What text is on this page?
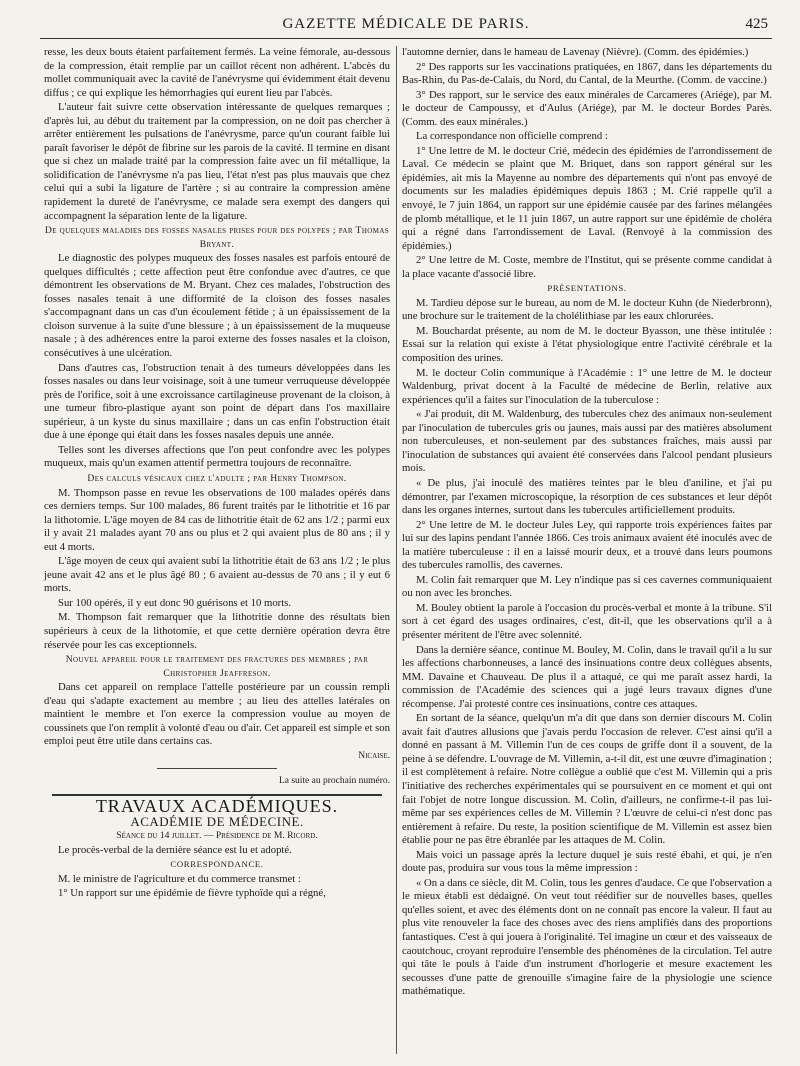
GAZETTE MÉDICALE DE PARIS.	425

resse, les deux bouts étaient parfaitement fermés. La veine fémorale, au-dessous de la compression, était remplie par un caillot récent non adhérent. L'abcès du mollet communiquait avec la cavité de l'anévrysme qui évidemment était devenu diffus ; ce qui explique les hémorrhagies qui eurent lieu par l'abcès.

L'auteur fait suivre cette observation intéressante de quelques remarques ; d'après lui, au début du traitement par la compression, on ne doit pas chercher à arrêter entièrement les pulsations de l'anévrysme, parce qu'un courant faible lui paraît favoriser le dépôt de fibrine sur les parois de la cavité. Il termine en disant que si chez un malade traité par la compression faite avec un fil métallique, la solidification de l'anévrysme n'a pas lieu, l'état n'est pas plus mauvais que chez celui qui a subi la ligature de l'artère ; si au contraire la compression amène rapidement la dureté de l'anévrysme, ce malade sera exempt des dangers qui accompagnent la séparation lente de la ligature.

De quelques maladies des fosses nasales prises pour des polypes ; par Thomas Bryant.

Le diagnostic des polypes muqueux des fosses nasales est parfois entouré de quelques difficultés ; cette affection peut être confondue avec d'autres, ce que démontrent les observations de M. Bryant. Chez ces malades, l'obstruction des fosses nasales tenait à une difformité de la cloison des fosses nasales s'accompagnant dans un cas d'un écoulement fétide ; à un épaississement de la cloison survenue à la suite d'une blessure ; à un épaississement de la muqueuse nasale ; à des adhérences entre la paroi externe des fosses nasales et la cloison, consécutives à une ulcération.

Dans d'autres cas, l'obstruction tenait à des tumeurs développées dans les fosses nasales ou dans leur voisinage, soit à une tumeur verruqueuse développée près de l'orifice, soit à une excroissance cartilagineuse provenant de la cloison, à une tumeur fibro-plastique ayant son point de départ dans l'os maxillaire supérieur, à un kyste du sinus maxillaire ; dans un cas enfin l'obstruction était due à une éponge qui était dans les fosses nasales depuis une année.

Telles sont les diverses affections que l'on peut confondre avec les polypes muqueux, mais qu'un examen attentif permettra toujours de reconnaître.

Des calculs vésicaux chez l'adulte ; par Henry Thompson.

M. Thompson passe en revue les observations de 100 malades opérés dans ces derniers temps. Sur 100 malades, 86 furent traités par le lithotritie et 16 par la lithotomie. L'âge moyen de 84 cas de lithotritie était de 62 ans 1/2 ; parmi eux il y avait 21 malades ayant 70 ans ou plus et 2 qui avaient plus de 80 ans ; il y eut 4 morts.

L'âge moyen de ceux qui avaient subi la lithotritie était de 63 ans 1/2 ; le plus jeune avait 42 ans et le plus âgé 80 ; 6 avaient au-dessus de 70 ans ; il y eut 6 morts.

Sur 100 opérés, il y eut donc 90 guérisons et 10 morts.

M. Thompson fait remarquer que la lithotritie donne des résultats bien supérieurs à ceux de la lithotomie, et que cette dernière opération devra être réservée pour les cas exceptionnels.

Nouvel appareil pour le traitement des fractures des membres ; par Christopher Jeaffreson.

Dans cet appareil on remplace l'attelle postérieure par un coussin rempli d'eau qui s'adapte exactement au membre ; au lieu des attelles latérales on maintient le membre et l'on exerce la compression voulue au moyen de coussinets que l'on remplit à volonté d'eau ou d'air. Cet appareil est simple et son emploi peut être utile dans certains cas.

Nicaise.

La suite au prochain numéro.

TRAVAUX ACADÉMIQUES.

ACADÉMIE DE MÉDECINE.

Séance du 14 juillet. — Présidence de M. Ricord.

Le procès-verbal de la dernière séance est lu et adopté.

CORRESPONDANCE.

M. le ministre de l'agriculture et du commerce transmet :

1° Un rapport sur une épidémie de fièvre typhoïde qui a régné,

l'automne dernier, dans le hameau de Lavenay (Nièvre). (Comm. des épidémies.)

2° Des rapports sur les vaccinations pratiquées, en 1867, dans les départements du Bas-Rhin, du Pas-de-Calais, du Nord, du Cantal, de la Meurthe. (Comm. de vaccine.)

3° Des rapport, sur le service des eaux minérales de Carcameres (Ariége), par M. le docteur de Campoussy, et d'Aulus (Ariége), par M. le docteur Bordes Parès. (Comm. des eaux minérales.)

La correspondance non officielle comprend :

1° Une lettre de M. le docteur Crié, médecin des épidémies de l'arrondissement de Laval. Ce médecin se plaint que M. Briquet, dans son rapport général sur les épidémies, ait mis la Mayenne au nombre des départements qui n'ont pas envoyé de documents sur les maladies épidémiques depuis 1863 ; M. Crié rappelle qu'il a envoyé, le 7 juin 1864, un rapport sur une épidémie causée par des farines mélangées de plomb métallique, et le 11 juin 1867, un autre rapport sur une épidémie de choléra qui a régné dans l'arrondissement de Laval. (Renvoyé à la commission des épidémies.)

2° Une lettre de M. Coste, membre de l'Institut, qui se présente comme candidat à la place vacante d'associé libre.

PRÉSENTATIONS.

M. Tardieu dépose sur le bureau, au nom de M. le docteur Kuhn (de Niederbronn), une brochure sur le traitement de la cholélithiase par les eaux chlorurées.

M. Bouchardat présente, au nom de M. le docteur Byasson, une thèse intitulée : Essai sur la relation qui existe à l'état physiologique entre l'activité cérébrale et la composition des urines.

M. le docteur Colin communique à l'Académie : 1° une lettre de M. le docteur Waldenburg, privat docent à la Faculté de médecine de Berlin, relative aux expériences qu'il a faites sur l'inoculation de la tuberculose :

« J'ai produit, dit M. Waldenburg, des tubercules chez des animaux non-seulement par l'inoculation de tubercules gris ou jaunes, mais aussi par des matières absolument non tuberculeuses, et non-seulement par des substances fraîches, mais aussi par l'inoculation de substances qui avaient été conservées dans l'alcool pendant plusieurs mois.

« De plus, j'ai inoculé des matières teintes par le bleu d'aniline, et j'ai pu démontrer, par l'examen microscopique, la résorption de ces substances et leur dépôt dans les organes internes, surtout dans les tubercules artificiellement produits.

2° Une lettre de M. le docteur Jules Ley, qui rapporte trois expériences faites par lui sur des lapins pendant l'année 1866. Ces trois animaux avaient été inoculés avec de la matière tuberculeuse : il en a laissé mourir deux, et a trouvé dans leurs poumons des tubercules ramollis, des cavernes.

M. Colin fait remarquer que M. Ley n'indique pas si ces cavernes communiquaient ou non avec les bronches.

M. Bouley obtient la parole à l'occasion du procès-verbal et monte à la tribune. S'il sort à cet égard des usages ordinaires, c'est, dit-il, que les observations qu'il a à présenter méritent de l'être avec solennité.

Dans la dernière séance, continue M. Bouley, M. Colin, dans le travail qu'il a lu sur les affections charbonneuses, a lancé des insinuations contre deux collègues absents, MM. Davaine et Chauveau. De plus il a attaqué, ce qui me paraît assez hardi, la commission de l'Académie des sciences qui a jugé leurs travaux dignes d'une récompense. J'ai protesté contre ces insinuations, contre ces attaques.

En sortant de la séance, quelqu'un m'a dit que dans son dernier discours M. Colin avait fait d'autres allusions que j'avais perdu l'occasion de relever. C'est ainsi qu'il a donné en passant à M. Villemin l'un de ces coups de griffe dont il a souvent, de la peine à se défendre. L'ouvrage de M. Villemin, a-t-il dit, est une œuvre d'imagination ; il est complètement à refaire. Notre collègue a oublié que c'est M. Villemin qui a pris l'initiative des recherches expérimentales qui se poursuivent en ce moment et qui ont fait l'objet de notre longue discussion. M. Colin, d'ailleurs, ne confirme-t-il pas lui-même par ses expériences celles de M. Villemin ? L'œuvre de celui-ci n'est donc pas entièrement à refaire. Du reste, la position scientifique de M. Villemin est assez bien établie pour ne pas être ébranlée par les attaques de M. Colin.

Mais voici un passage après la lecture duquel je suis resté ébahi, et qui, je n'en doute pas, produira sur vous tous la même impression :

« On a dans ce siècle, dit M. Colin, tous les genres d'audace. Ce que l'observation a le mieux établi est dédaigné. On veut tout réédifier sur de nouvelles bases, quelles qu'elles soient, et avec des éléments dont on ne connaît pas encore la valeur. Il faut au plus vite renouveler la face des choses avec des riens amplifiés dans des proportions fantastiques. C'est à qui jouera à l'originalité. Tel imagine un cœur et des vaisseaux de caoutchouc, croyant reproduire l'ensemble des phénomènes de la circulation. Tel autre qui tâte le pouls à l'aide d'un instrument d'horlogerie et mesure exactement les secousses d'une patte de grenouille s'imagine faire de la physiologie une science mathématique.
